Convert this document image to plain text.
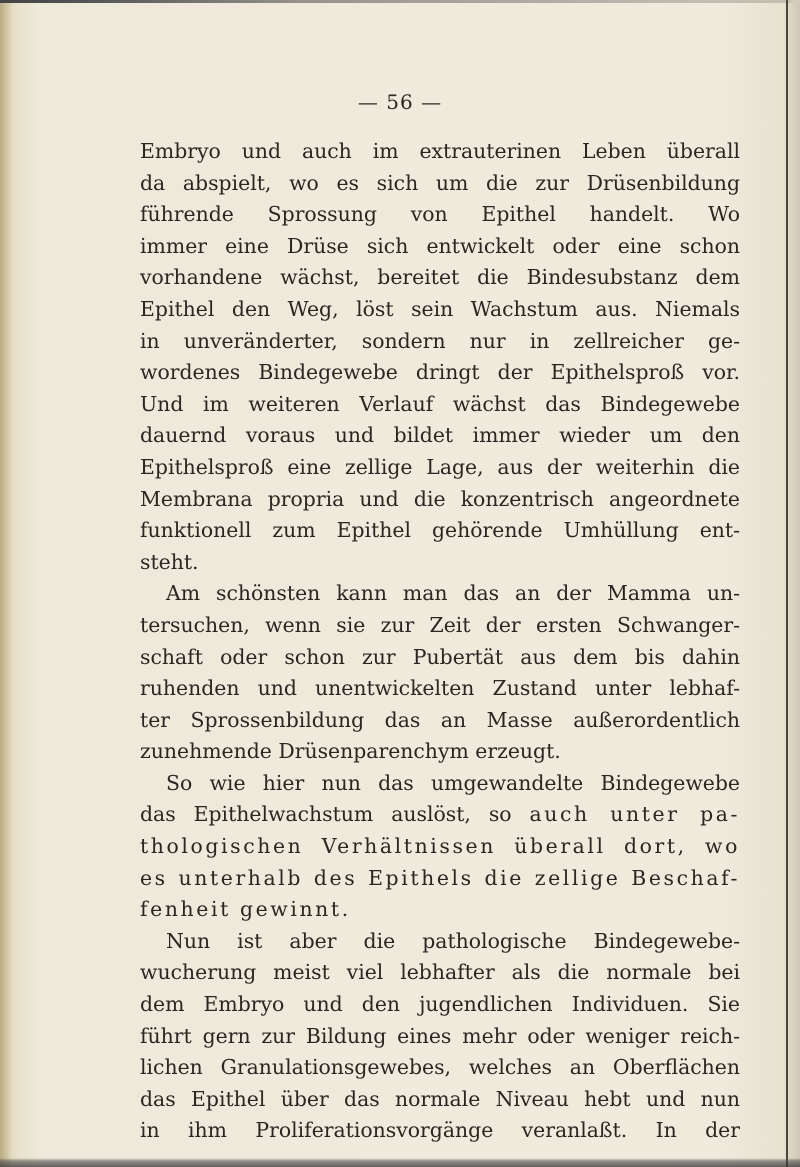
— 56 —
Embryo und auch im extrauterinen Leben überall
da abspielt, wo es sich um die zur Drüsenbildung
führende Sprossung von Epithel handelt. Wo
immer eine Drüse sich entwickelt oder eine schon
vorhandene wächst, bereitet die Bindesubstanz dem
Epithel den Weg, löst sein Wachstum aus. Niemals
in unveränderter, sondern nur in zellreicher ge-
wordenes Bindegewebe dringt der Epithelsproß vor.
Und im weiteren Verlauf wächst das Bindegewebe
dauernd voraus und bildet immer wieder um den
Epithelsproß eine zellige Lage, aus der weiterhin die
Membrana propria und die konzentrisch angeordnete
funktionell zum Epithel gehörende Umhüllung ent-
steht.
Am schönsten kann man das an der Mamma un-
tersuchen, wenn sie zur Zeit der ersten Schwanger-
schaft oder schon zur Pubertät aus dem bis dahin
ruhenden und unentwickelten Zustand unter lebhaf-
ter Sprossenbildung das an Masse außerordentlich
zunehmende Drüsenparenchym erzeugt.
So wie hier nun das umgewandelte Bindegewebe
das Epithelwachstum auslöst, so auch unter pa-
thologischen Verhältnissen überall dort, wo
es unterhalb des Epithels die zellige Beschaf-
fenheit gewinnt.
Nun ist aber die pathologische Bindegewebe-
wucherung meist viel lebhafter als die normale bei
dem Embryo und den jugendlichen Individuen. Sie
führt gern zur Bildung eines mehr oder weniger reich-
lichen Granulationsgewebes, welches an Oberflächen
das Epithel über das normale Niveau hebt und nun
in ihm Proliferationsvorgänge veranlaßt. In der
